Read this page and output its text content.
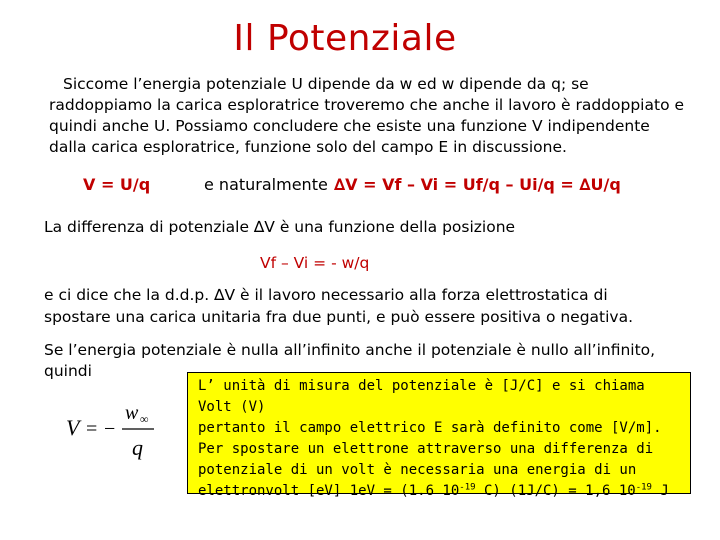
Il Potenziale
Siccome l’energia potenziale U dipende da w ed w dipende da q; se
raddoppiamo la carica esploratrice troveremo che anche il lavoro è raddoppiato e
quindi anche U. Possiamo concludere che esiste una funzione V indipendente
dalla carica esploratrice, funzione solo del campo E in discussione.
V = U/q	e naturalmente ∆V = Vf – Vi = Uf/q – Ui/q = ∆U/q
La differenza di potenziale ∆V è una funzione della posizione
Vf – Vi = - w/q
e ci dice che la d.d.p. ∆V è il lavoro necessario alla forza elettrostatica di
spostare una carica unitaria fra due punti, e può essere positiva o negativa.
Se l’energia potenziale è nulla all’infinito anche il potenziale è nullo all’infinito,
quindi
V = −
w ∞
q
L’ unità di misura del potenziale è [J/C] e si chiama Volt (V)
pertanto il campo elettrico E sarà definito come [V/m].
Per spostare un elettrone attraverso una differenza di
potenziale di un volt è necessaria una energia di un
elettronvolt [eV] 1eV = (1.6 $10^{-19}$ C) (1J/C) = 1,6 $10^{-19}$ J
